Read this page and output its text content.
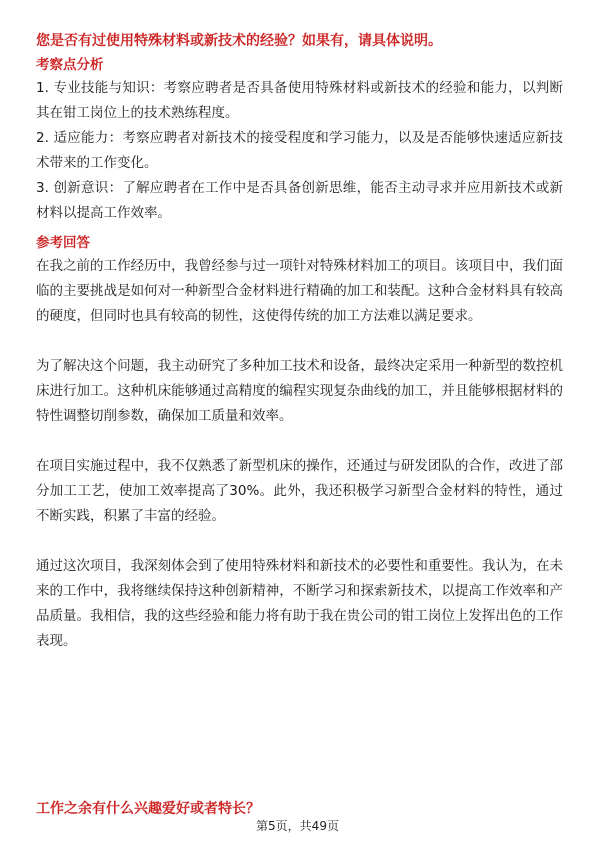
您是否有过使用特殊材料或新技术的经验？如果有，请具体说明。
考察点分析

1. 专业技能与知识：考察应聘者是否具备使用特殊材料或新技术的经验和能力，以判断其在钳工岗位上的技术熟练程度。

2. 适应能力：考察应聘者对新技术的接受程度和学习能力，以及是否能够快速适应新技术带来的工作变化。

3. 创新意识：了解应聘者在工作中是否具备创新思维，能否主动寻求并应用新技术或新材料以提高工作效率。

参考回答

在我之前的工作经历中，我曾经参与过一项针对特殊材料加工的项目。该项目中，我们面临的主要挑战是如何对一种新型合金材料进行精确的加工和装配。这种合金材料具有较高的硬度，但同时也具有较高的韧性，这使得传统的加工方法难以满足要求。

为了解决这个问题，我主动研究了多种加工技术和设备，最终决定采用一种新型的数控机床进行加工。这种机床能够通过高精度的编程实现复杂曲线的加工，并且能够根据材料的特性调整切削参数，确保加工质量和效率。

在项目实施过程中，我不仅熟悉了新型机床的操作，还通过与研发团队的合作，改进了部分加工工艺，使加工效率提高了30%。此外，我还积极学习新型合金材料的特性，通过不断实践，积累了丰富的经验。

通过这次项目，我深刻体会到了使用特殊材料和新技术的必要性和重要性。我认为，在未来的工作中，我将继续保持这种创新精神，不断学习和探索新技术，以提高工作效率和产品质量。我相信，我的这些经验和能力将有助于我在贵公司的钳工岗位上发挥出色的工作表现。

工作之余有什么兴趣爱好或者特长？
第5页，共49页
